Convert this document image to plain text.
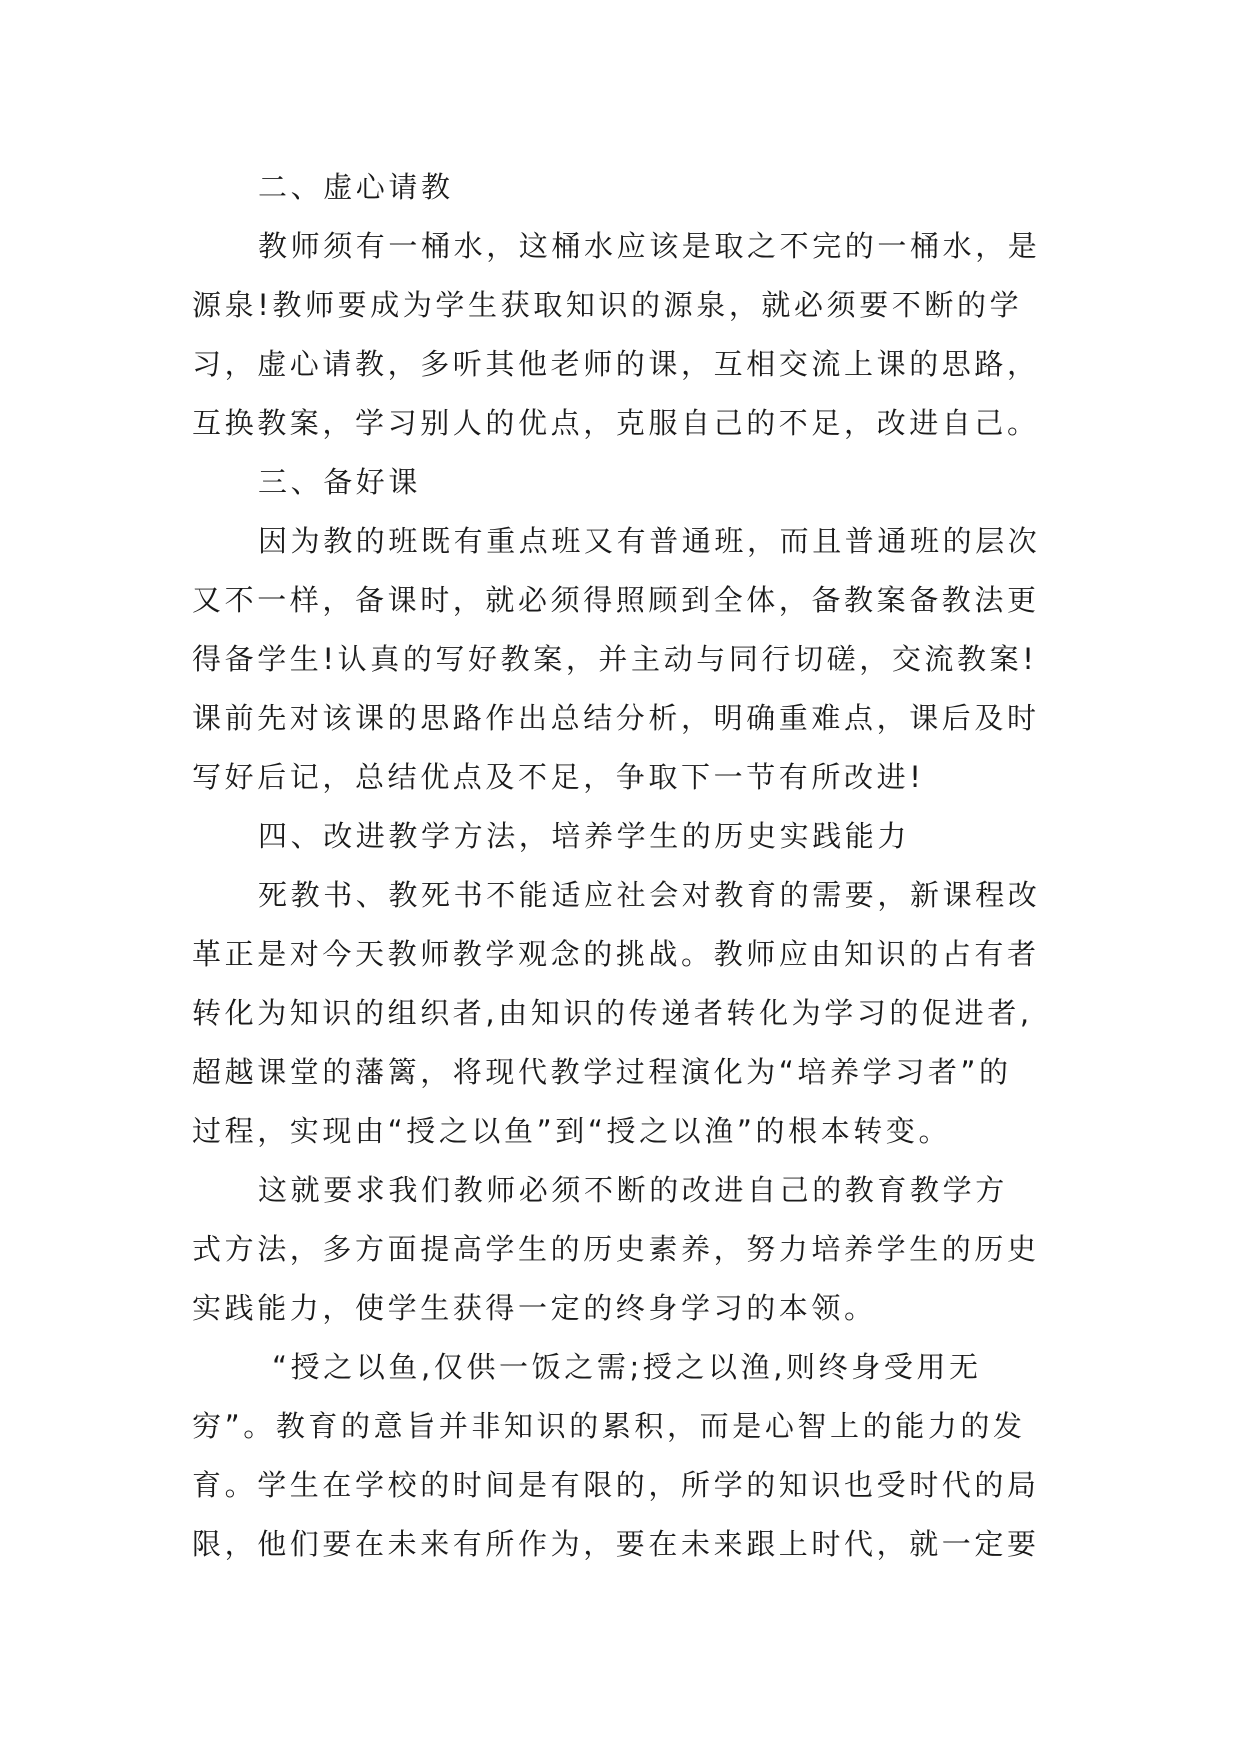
二、虚心请教
教师须有一桶水，这桶水应该是取之不完的一桶水，是
源泉!教师要成为学生获取知识的源泉，就必须要不断的学
习，虚心请教，多听其他老师的课，互相交流上课的思路，
互换教案，学习别人的优点，克服自己的不足，改进自己。
三、备好课
因为教的班既有重点班又有普通班，而且普通班的层次
又不一样，备课时，就必须得照顾到全体，备教案备教法更
得备学生!认真的写好教案，并主动与同行切磋，交流教案!
课前先对该课的思路作出总结分析，明确重难点，课后及时
写好后记，总结优点及不足，争取下一节有所改进!
四、改进教学方法，培养学生的历史实践能力
死教书、教死书不能适应社会对教育的需要，新课程改
革正是对今天教师教学观念的挑战。教师应由知识的占有者
转化为知识的组织者,由知识的传递者转化为学习的促进者,
超越课堂的藩篱，将现代教学过程演化为“培养学习者”的
过程，实现由“授之以鱼”到“授之以渔”的根本转变。
这就要求我们教师必须不断的改进自己的教育教学方
式方法，多方面提高学生的历史素养，努力培养学生的历史
实践能力，使学生获得一定的终身学习的本领。
“授之以鱼,仅供一饭之需;授之以渔,则终身受用无
穷”。教育的意旨并非知识的累积，而是心智上的能力的发
育。学生在学校的时间是有限的，所学的知识也受时代的局
限，他们要在未来有所作为，要在未来跟上时代，就一定要
